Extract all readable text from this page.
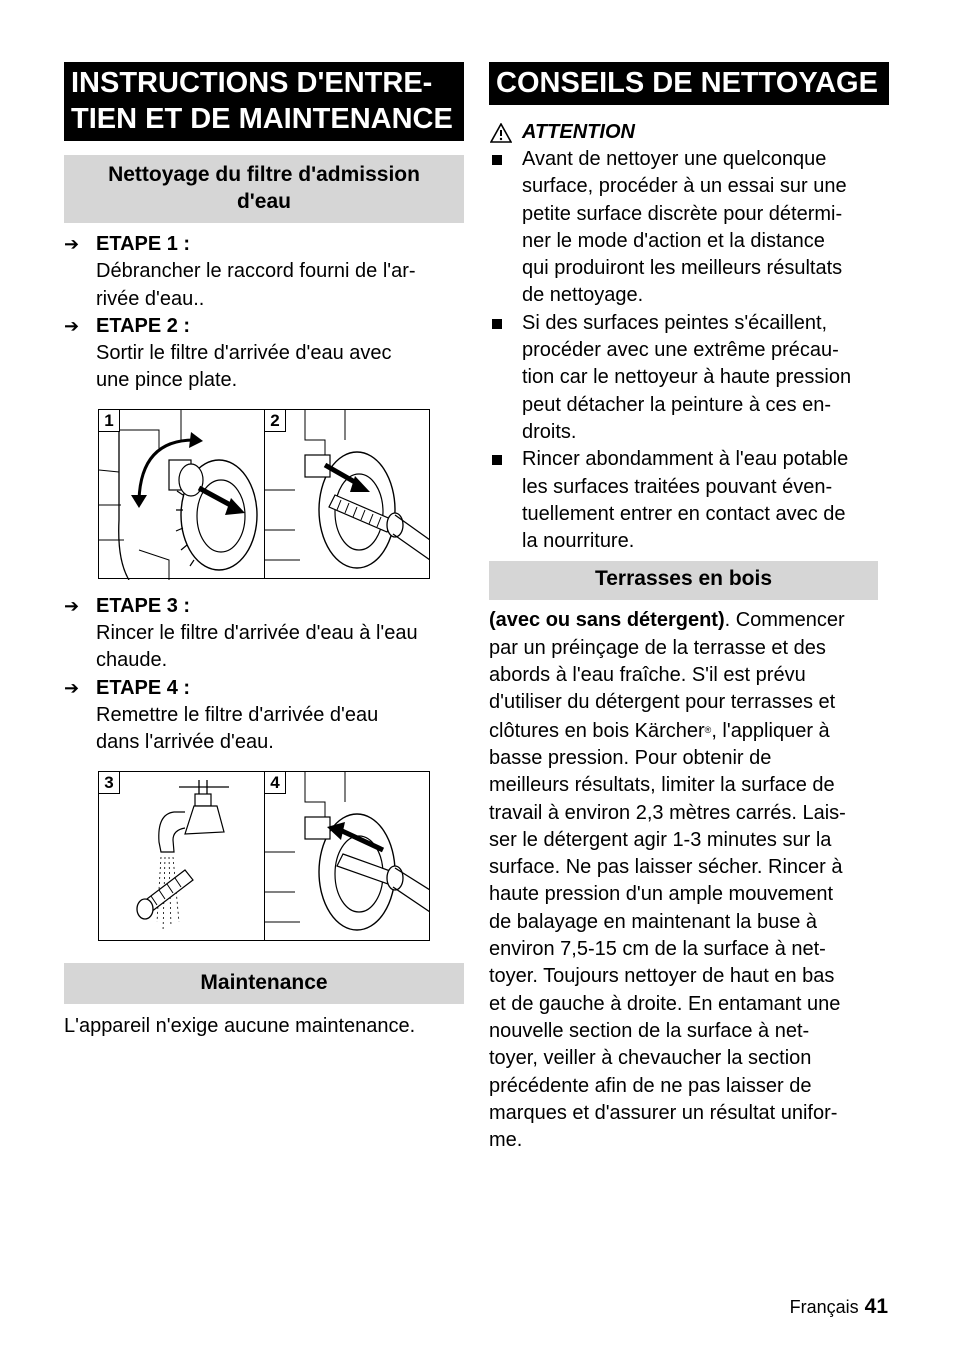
INSTRUCTIONS D'ENTRE-
TIEN ET DE MAINTENANCE
Nettoyage du filtre d'admission
d'eau
➔ ETAPE 1 :
Débrancher le raccord fourni de l'ar-
rivée d'eau..
➔ ETAPE 2 :
Sortir le filtre d'arrivée d'eau avec
une pince plate.
1	2
➔ ETAPE 3 :
Rincer le filtre d'arrivée d'eau à l'eau
chaude.
➔ ETAPE 4 :
Remettre le filtre d'arrivée d'eau
dans l'arrivée d'eau.
3	4
Maintenance
L'appareil n'exige aucune maintenance.
CONSEILS DE NETTOYAGE
ATTENTION
Avant de nettoyer une quelconque
surface, procéder à un essai sur une
petite surface discrète pour détermi-
ner le mode d'action et la distance
qui produiront les meilleurs résultats
de nettoyage.
Si des surfaces peintes s'écaillent,
procéder avec une extrême précau-
tion car le nettoyeur à haute pression
peut détacher la peinture à ces en-
droits.
Rincer abondamment à l'eau potable
les surfaces traitées pouvant éven-
tuellement entrer en contact avec de
la nourriture.
Terrasses en bois
(avec ou sans détergent). Commencer
par un préinçage de la terrasse et des
abords à l'eau fraîche. S'il est prévu
d'utiliser du détergent pour terrasses et
clôtures en bois Kärcher®, l'appliquer à
basse pression. Pour obtenir de
meilleurs résultats, limiter la surface de
travail à environ 2,3 mètres carrés. Lais-
ser le détergent agir 1-3 minutes sur la
surface. Ne pas laisser sécher. Rincer à
haute pression d'un ample mouvement
de balayage en maintenant la buse à
environ 7,5-15 cm de la surface à net-
toyer. Toujours nettoyer de haut en bas
et de gauche à droite. En entamant une
nouvelle section de la surface à net-
toyer, veiller à chevaucher la section
précédente afin de ne pas laisser de
marques et d'assurer un résultat unifor-
me.
Français 41
